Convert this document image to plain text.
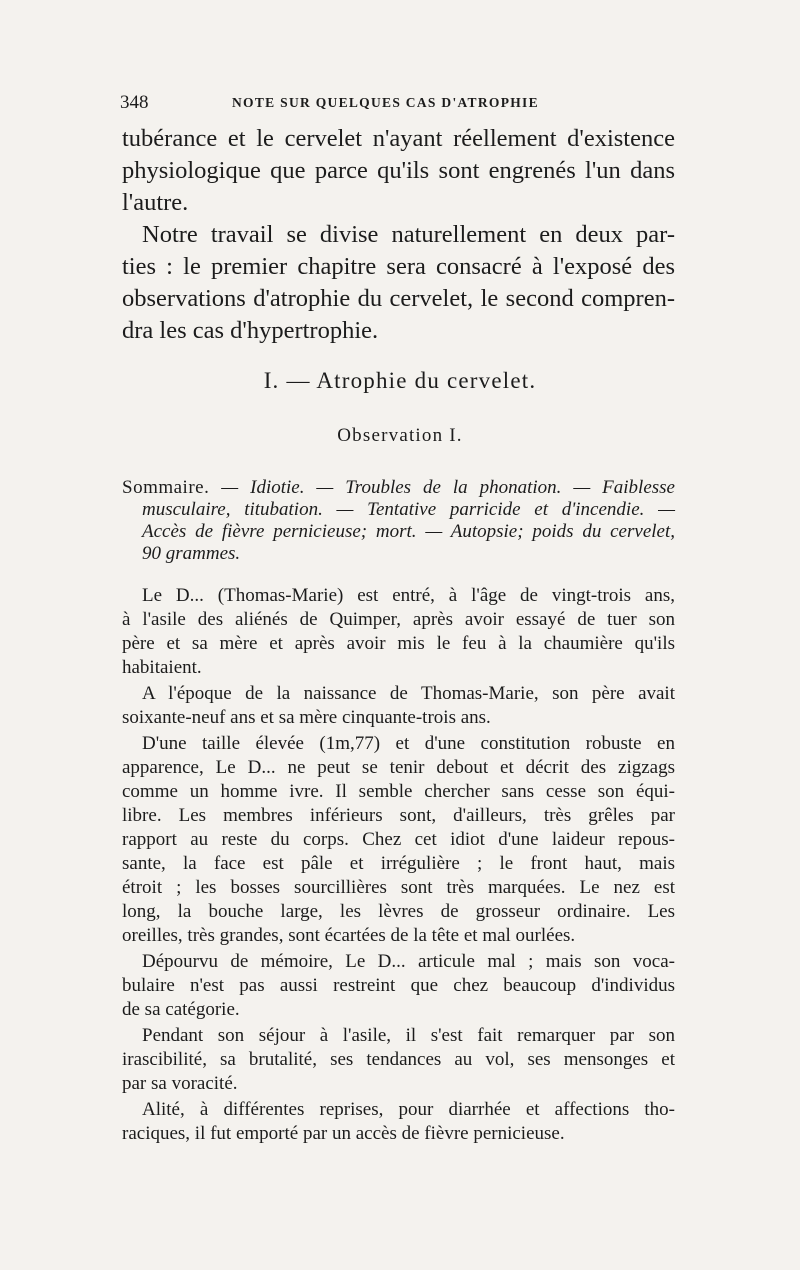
348	NOTE SUR QUELQUES CAS D'ATROPHIE
tubérance et le cervelet n'ayant réellement d'existence
physiologique que parce qu'ils sont engrenés l'un dans
l'autre.
Notre travail se divise naturellement en deux par-
ties : le premier chapitre sera consacré à l'exposé des
observations d'atrophie du cervelet, le second compren-
dra les cas d'hypertrophie.
I. — Atrophie du cervelet.
Observation I.
Sommaire. — Idiotie. — Troubles de la phonation. — Faiblesse
musculaire, titubation. — Tentative parricide et d'incendie. —
Accès de fièvre pernicieuse; mort. — Autopsie; poids du cervelet,
90 grammes.
Le D... (Thomas-Marie) est entré, à l'âge de vingt-trois ans,
à l'asile des aliénés de Quimper, après avoir essayé de tuer son
père et sa mère et après avoir mis le feu à la chaumière qu'ils
habitaient.
A l'époque de la naissance de Thomas-Marie, son père avait
soixante-neuf ans et sa mère cinquante-trois ans.
D'une taille élevée (1m,77) et d'une constitution robuste en
apparence, Le D... ne peut se tenir debout et décrit des zigzags
comme un homme ivre. Il semble chercher sans cesse son équi-
libre. Les membres inférieurs sont, d'ailleurs, très grêles par
rapport au reste du corps. Chez cet idiot d'une laideur repous-
sante, la face est pâle et irrégulière ; le front haut, mais
étroit ; les bosses sourcillières sont très marquées. Le nez est
long, la bouche large, les lèvres de grosseur ordinaire. Les
oreilles, très grandes, sont écartées de la tête et mal ourlées.
Dépourvu de mémoire, Le D... articule mal ; mais son voca-
bulaire n'est pas aussi restreint que chez beaucoup d'individus
de sa catégorie.
Pendant son séjour à l'asile, il s'est fait remarquer par son
irascibilité, sa brutalité, ses tendances au vol, ses mensonges et
par sa voracité.
Alité, à différentes reprises, pour diarrhée et affections tho-
raciques, il fut emporté par un accès de fièvre pernicieuse.
